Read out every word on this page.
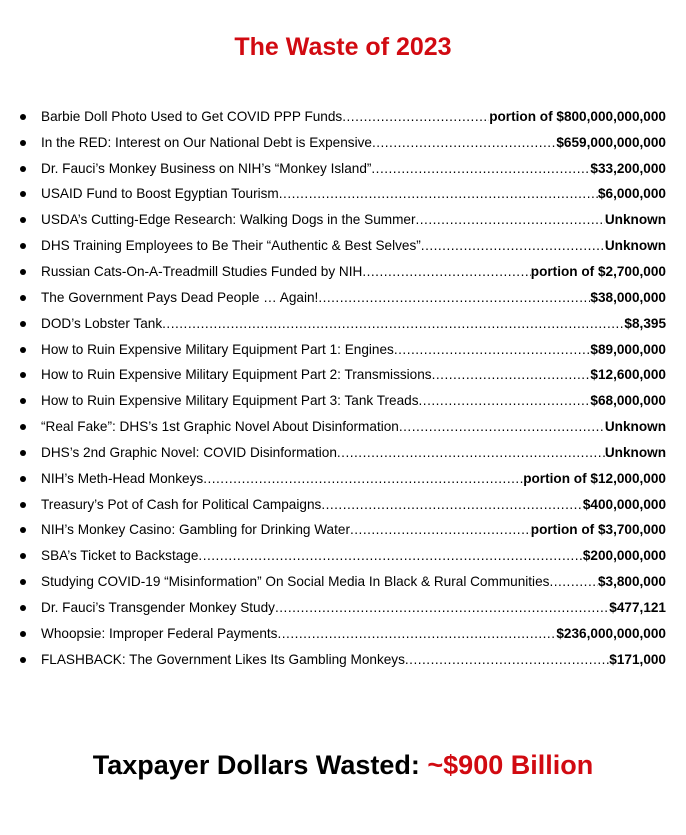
The Waste of 2023
Barbie Doll Photo Used to Get COVID PPP Funds .....	portion of $800,000,000,000
In the RED: Interest on Our National Debt is Expensive .....	$659,000,000,000
Dr. Fauci’s Monkey Business on NIH’s “Monkey Island” .....	$33,200,000
USAID Fund to Boost Egyptian Tourism .....	$6,000,000
USDA’s Cutting-Edge Research: Walking Dogs in the Summer .....	Unknown
DHS Training Employees to Be Their “Authentic & Best Selves” .....	Unknown
Russian Cats-On-A-Treadmill Studies Funded by NIH .....	portion of $2,700,000
The Government Pays Dead People … Again! .....	$38,000,000
DOD’s Lobster Tank .....	$8,395
How to Ruin Expensive Military Equipment Part 1: Engines .....	$89,000,000
How to Ruin Expensive Military Equipment Part 2: Transmissions .....	$12,600,000
How to Ruin Expensive Military Equipment Part 3: Tank Treads .....	$68,000,000
“Real Fake”: DHS’s 1st Graphic Novel About Disinformation .....	Unknown
DHS’s 2nd Graphic Novel: COVID Disinformation .....	Unknown
NIH’s Meth-Head Monkeys .....	portion of $12,000,000
Treasury’s Pot of Cash for Political Campaigns .....	$400,000,000
NIH’s Monkey Casino: Gambling for Drinking Water .....	portion of $3,700,000
SBA’s Ticket to Backstage .....	$200,000,000
Studying COVID-19 “Misinformation” On Social Media In Black & Rural Communities .....	$3,800,000
Dr. Fauci’s Transgender Monkey Study .....	$477,121
Whoopsie: Improper Federal Payments .....	$236,000,000,000
FLASHBACK: The Government Likes Its Gambling Monkeys .....	$171,000

Taxpayer Dollars Wasted: ~$900 Billion
